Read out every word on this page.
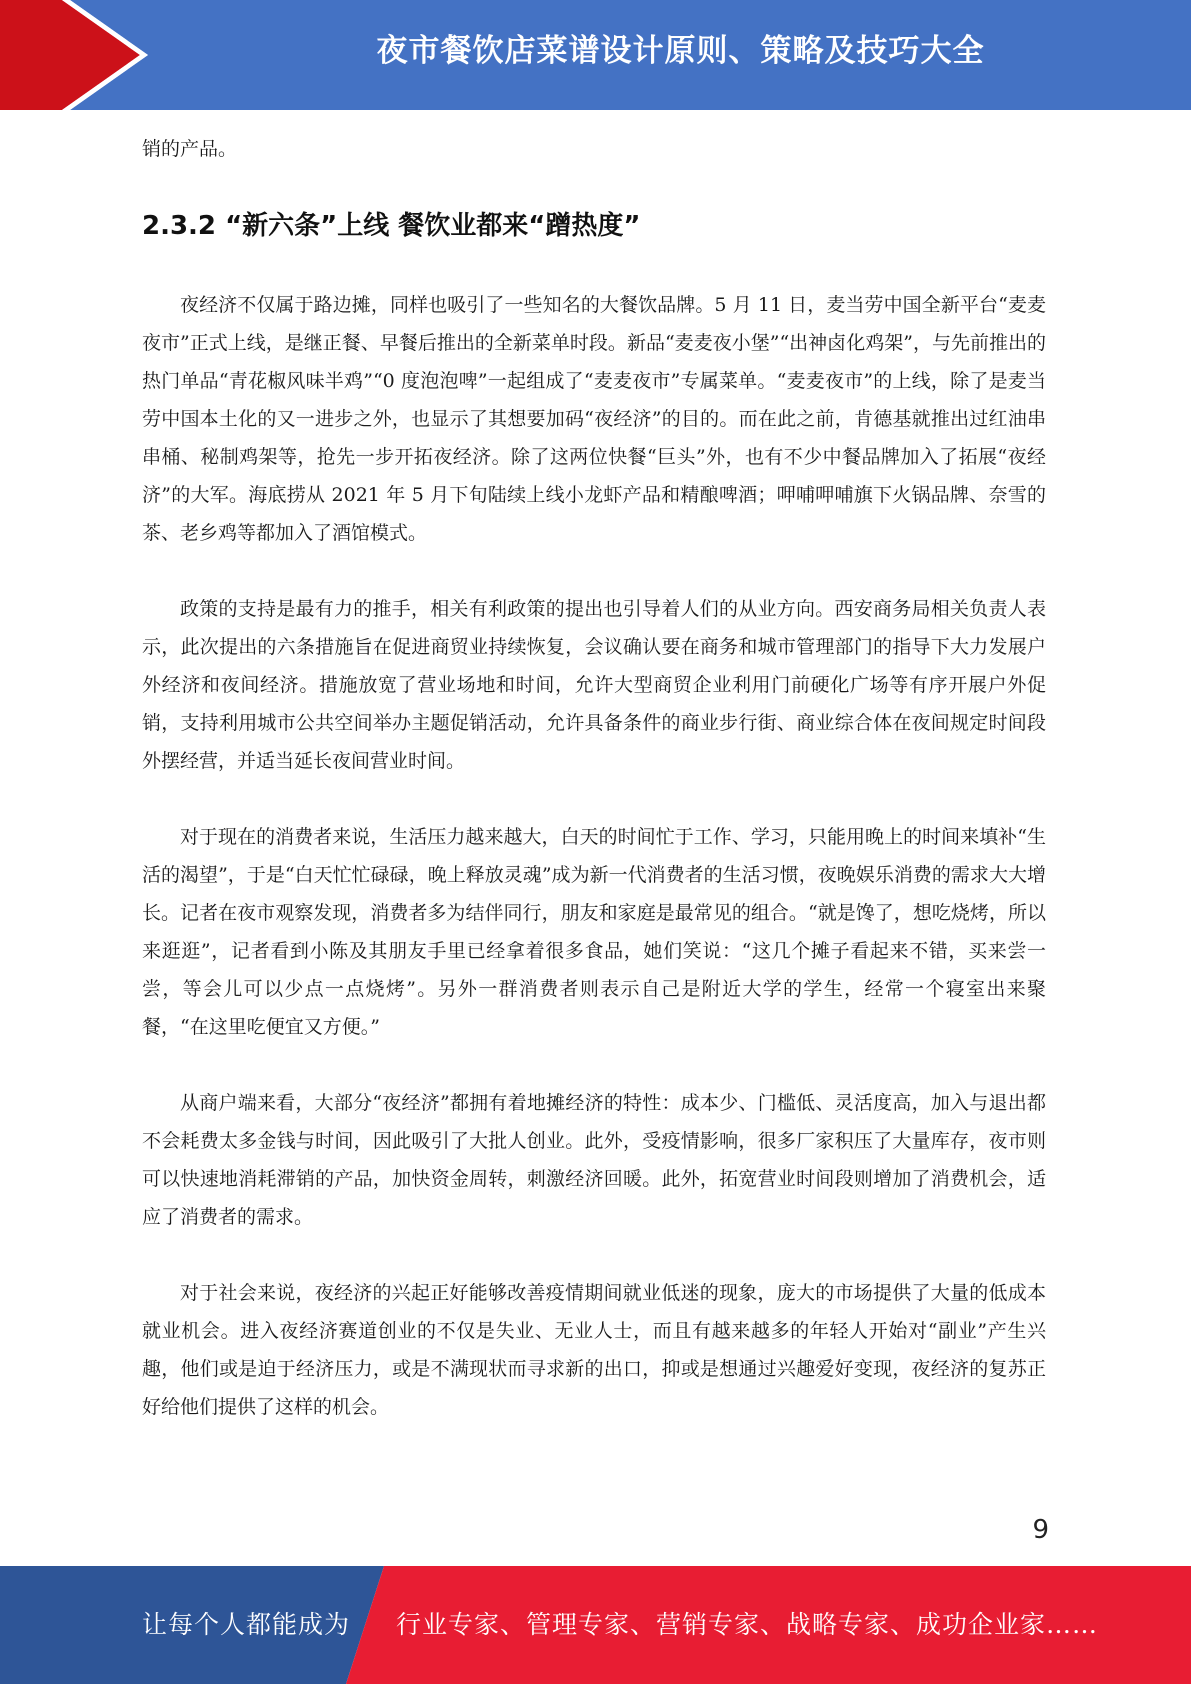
夜市餐饮店菜谱设计原则、策略及技巧大全

销的产品。

2.3.2 “新六条”上线 餐饮业都来“蹭热度”

夜经济不仅属于路边摊，同样也吸引了一些知名的大餐饮品牌。5 月 11 日，麦当劳中国全新平台“麦麦夜市”正式上线，是继正餐、早餐后推出的全新菜单时段。新品“麦麦夜小堡”“出神卤化鸡架”，与先前推出的热门单品“青花椒风味半鸡”“0 度泡泡啤”一起组成了“麦麦夜市”专属菜单。“麦麦夜市”的上线，除了是麦当劳中国本土化的又一进步之外，也显示了其想要加码“夜经济”的目的。而在此之前，肯德基就推出过红油串串桶、秘制鸡架等，抢先一步开拓夜经济。除了这两位快餐“巨头”外，也有不少中餐品牌加入了拓展“夜经济”的大军。海底捞从 2021 年 5 月下旬陆续上线小龙虾产品和精酿啤酒；呷哺呷哺旗下火锅品牌、奈雪的茶、老乡鸡等都加入了酒馆模式。

政策的支持是最有力的推手，相关有利政策的提出也引导着人们的从业方向。西安商务局相关负责人表示，此次提出的六条措施旨在促进商贸业持续恢复，会议确认要在商务和城市管理部门的指导下大力发展户外经济和夜间经济。措施放宽了营业场地和时间，允许大型商贸企业利用门前硬化广场等有序开展户外促销，支持利用城市公共空间举办主题促销活动，允许具备条件的商业步行街、商业综合体在夜间规定时间段外摆经营，并适当延长夜间营业时间。

对于现在的消费者来说，生活压力越来越大，白天的时间忙于工作、学习，只能用晚上的时间来填补“生活的渴望”，于是“白天忙忙碌碌，晚上释放灵魂”成为新一代消费者的生活习惯，夜晚娱乐消费的需求大大增长。记者在夜市观察发现，消费者多为结伴同行，朋友和家庭是最常见的组合。“就是馋了，想吃烧烤，所以来逛逛”，记者看到小陈及其朋友手里已经拿着很多食品，她们笑说：“这几个摊子看起来不错，买来尝一尝，等会儿可以少点一点烧烤”。另外一群消费者则表示自己是附近大学的学生，经常一个寝室出来聚餐，“在这里吃便宜又方便。”

从商户端来看，大部分“夜经济”都拥有着地摊经济的特性：成本少、门槛低、灵活度高，加入与退出都不会耗费太多金钱与时间，因此吸引了大批人创业。此外，受疫情影响，很多厂家积压了大量库存，夜市则可以快速地消耗滞销的产品，加快资金周转，刺激经济回暖。此外，拓宽营业时间段则增加了消费机会，适应了消费者的需求。

对于社会来说，夜经济的兴起正好能够改善疫情期间就业低迷的现象，庞大的市场提供了大量的低成本就业机会。进入夜经济赛道创业的不仅是失业、无业人士，而且有越来越多的年轻人开始对“副业”产生兴趣，他们或是迫于经济压力，或是不满现状而寻求新的出口，抑或是想通过兴趣爱好变现，夜经济的复苏正好给他们提供了这样的机会。

9
让每个人都能成为 行业专家、管理专家、营销专家、战略专家、成功企业家……
